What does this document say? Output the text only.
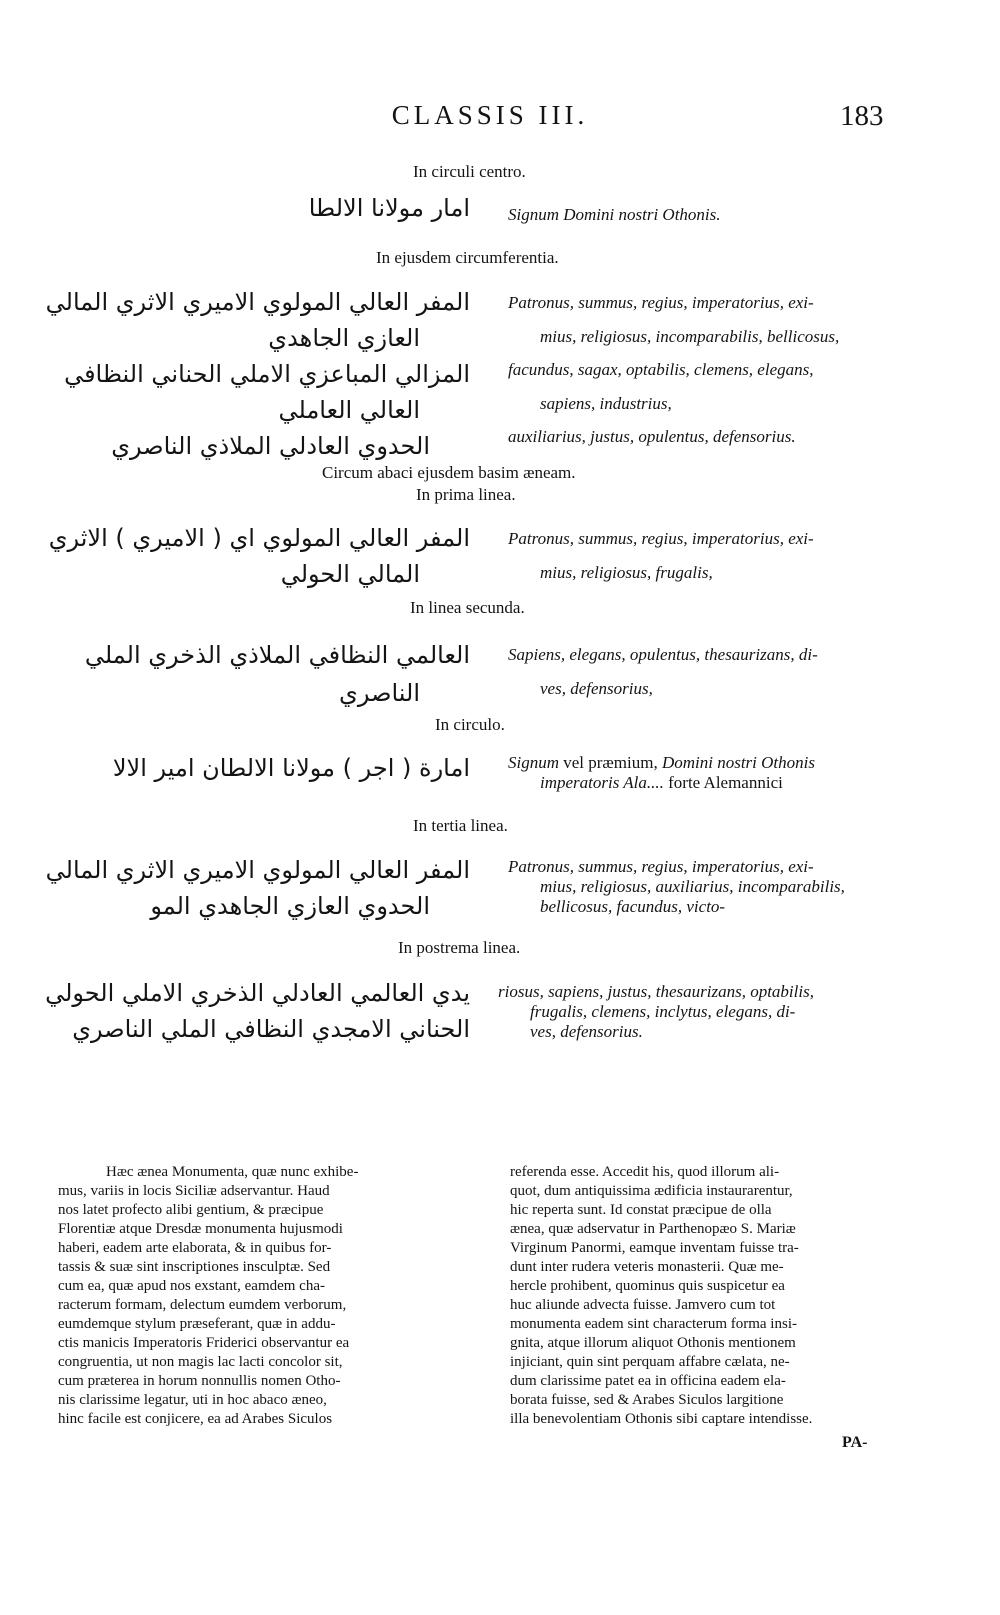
CLASSIS III.	183
In circuli centro.
امار مولانا الالطا Signum Domini nostri Othonis.
In ejusdem circumferentia.
المفر العالي المولوي الاميري الاثري المالي
العازي الجاهدي
المزالي المباعزي الاملي الحناني النظافي
العالي العاملي
الحدوي العادلي الملاذي الناصري
Patronus, summus, regius, imperatorius, exi-
mius, religiosus, incomparabilis, bellicosus,
facundus, sagax, optabilis, clemens, elegans,
sapiens, industrius,
auxiliarius, justus, opulentus, defensorius.
Circum abaci ejusdem basim æneam.
In prima linea.
المفر العالي المولوي اي ( الاميري ) الاثري
المالي الحولي
Patronus, summus, regius, imperatorius, exi-
mius, religiosus, frugalis,
In linea secunda.
العالمي النظافي الملاذي الذخري الملي
الناصري
Sapiens, elegans, opulentus, thesaurizans, di-
ves, defensorius,
In circulo.
امارة ( اجر ) مولانا الالطان امير الالا Signum vel præmium, Domini nostri Othonis
imperatoris Ala.... forte Alemannici
In tertia linea.
المفر العالي المولوي الاميري الاثري المالي
الحدوي العازي الجاهدي المو
Patronus, summus, regius, imperatorius, exi-
mius, religiosus, auxiliarius, incomparabilis,
bellicosus, facundus, victo-
In postrema linea.
يدي العالمي العادلي الذخري الاملي الحولي
الحناني الامجدي النظافي الملي الناصري
riosus, sapiens, justus, thesaurizans, optabilis,
frugalis, clemens, inclytus, elegans, di-
ves, defensorius.
Hæc ænea Monumenta, quæ nunc exhibe-
mus, variis in locis Siciliæ adservantur. Haud
nos latet profecto alibi gentium, & præcipue
Florentiæ atque Dresdæ monumenta hujusmodi
haberi, eadem arte elaborata, & in quibus for-
tassis & suæ sint inscriptiones insculptæ. Sed
cum ea, quæ apud nos exstant, eamdem cha-
racterum formam, delectum eumdem verborum,
eumdemque stylum præseferant, quæ in addu-
ctis manicis Imperatoris Friderici observantur ea
congruentia, ut non magis lac lacti concolor sit,
cum præterea in horum nonnullis nomen Otho-
nis clarissime legatur, uti in hoc abaco æneo,
hinc facile est conjicere, ea ad Arabes Siculos
referenda esse. Accedit his, quod illorum ali-
quot, dum antiquissima ædificia instaurarentur,
hic reperta sunt. Id constat præcipue de olla
ænea, quæ adservatur in Parthenopæo S. Mariæ
Virginum Panormi, eamque inventam fuisse tra-
dunt inter rudera veteris monasterii. Quæ me-
hercle prohibent, quominus quis suspicetur ea
huc aliunde advecta fuisse. Jamvero cum tot
monumenta eadem sint characterum forma insi-
gnita, atque illorum aliquot Othonis mentionem
injiciant, quin sint perquam affabre cælata, ne-
dum clarissime patet ea in officina eadem ela-
borata fuisse, sed & Arabes Siculos largitione
illa benevolentiam Othonis sibi captare intendisse.
PA-
